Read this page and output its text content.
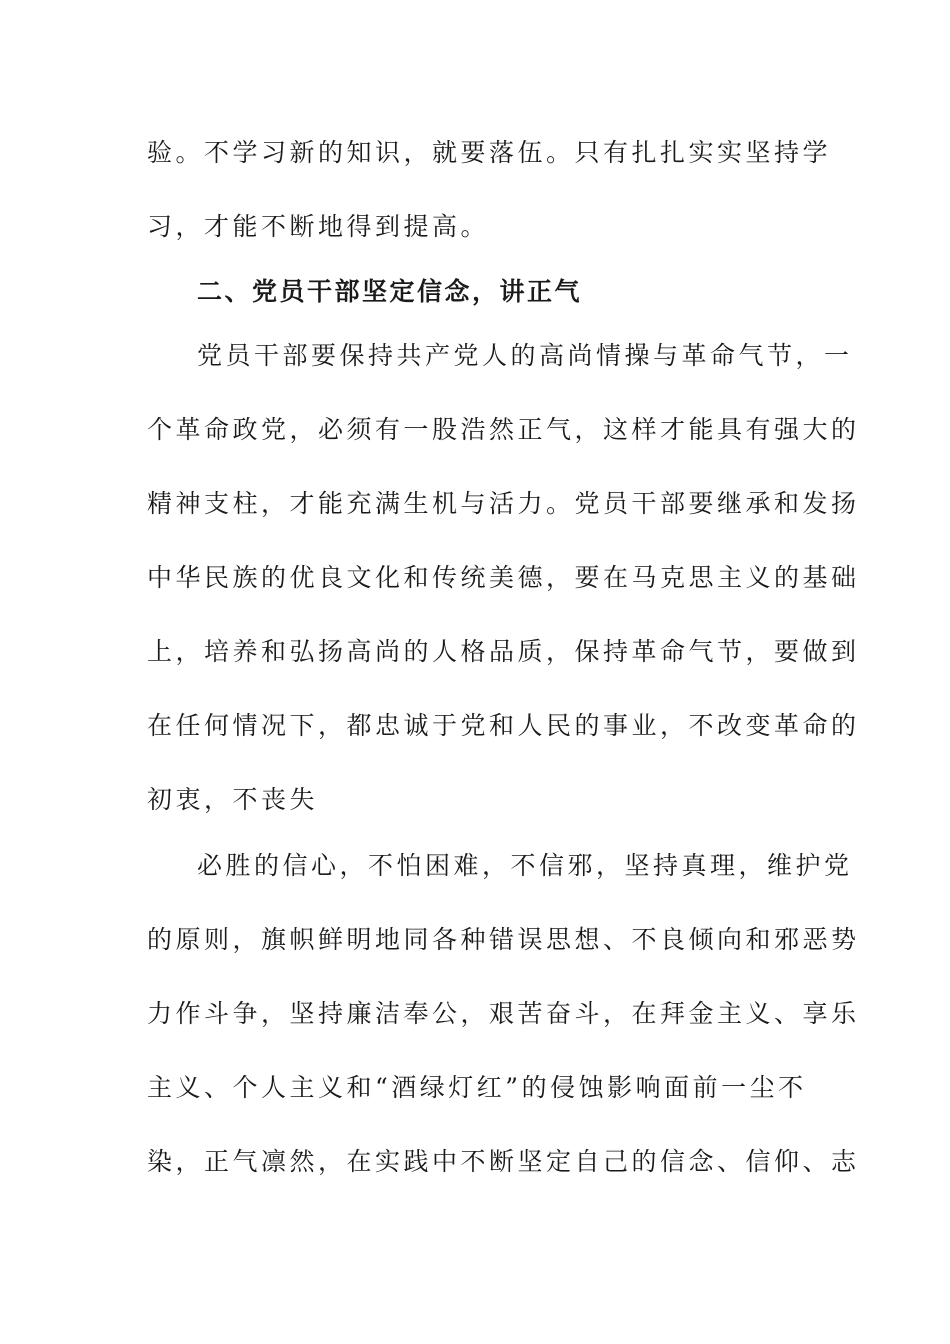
验。不学习新的知识，就要落伍。只有扎扎实实坚持学
习，才能不断地得到提高。
二、党员干部坚定信念，讲正气
党员干部要保持共产党人的高尚情操与革命气节，一
个革命政党，必须有一股浩然正气，这样才能具有强大的
精神支柱，才能充满生机与活力。党员干部要继承和发扬
中华民族的优良文化和传统美德，要在马克思主义的基础
上，培养和弘扬高尚的人格品质，保持革命气节，要做到
在任何情况下，都忠诚于党和人民的事业，不改变革命的
初衷，不丧失
必胜的信心，不怕困难，不信邪，坚持真理，维护党
的原则，旗帜鲜明地同各种错误思想、不良倾向和邪恶势
力作斗争，坚持廉洁奉公，艰苦奋斗，在拜金主义、享乐
主义、个人主义和“酒绿灯红”的侵蚀影响面前一尘不
染，正气凛然，在实践中不断坚定自己的信念、信仰、志
